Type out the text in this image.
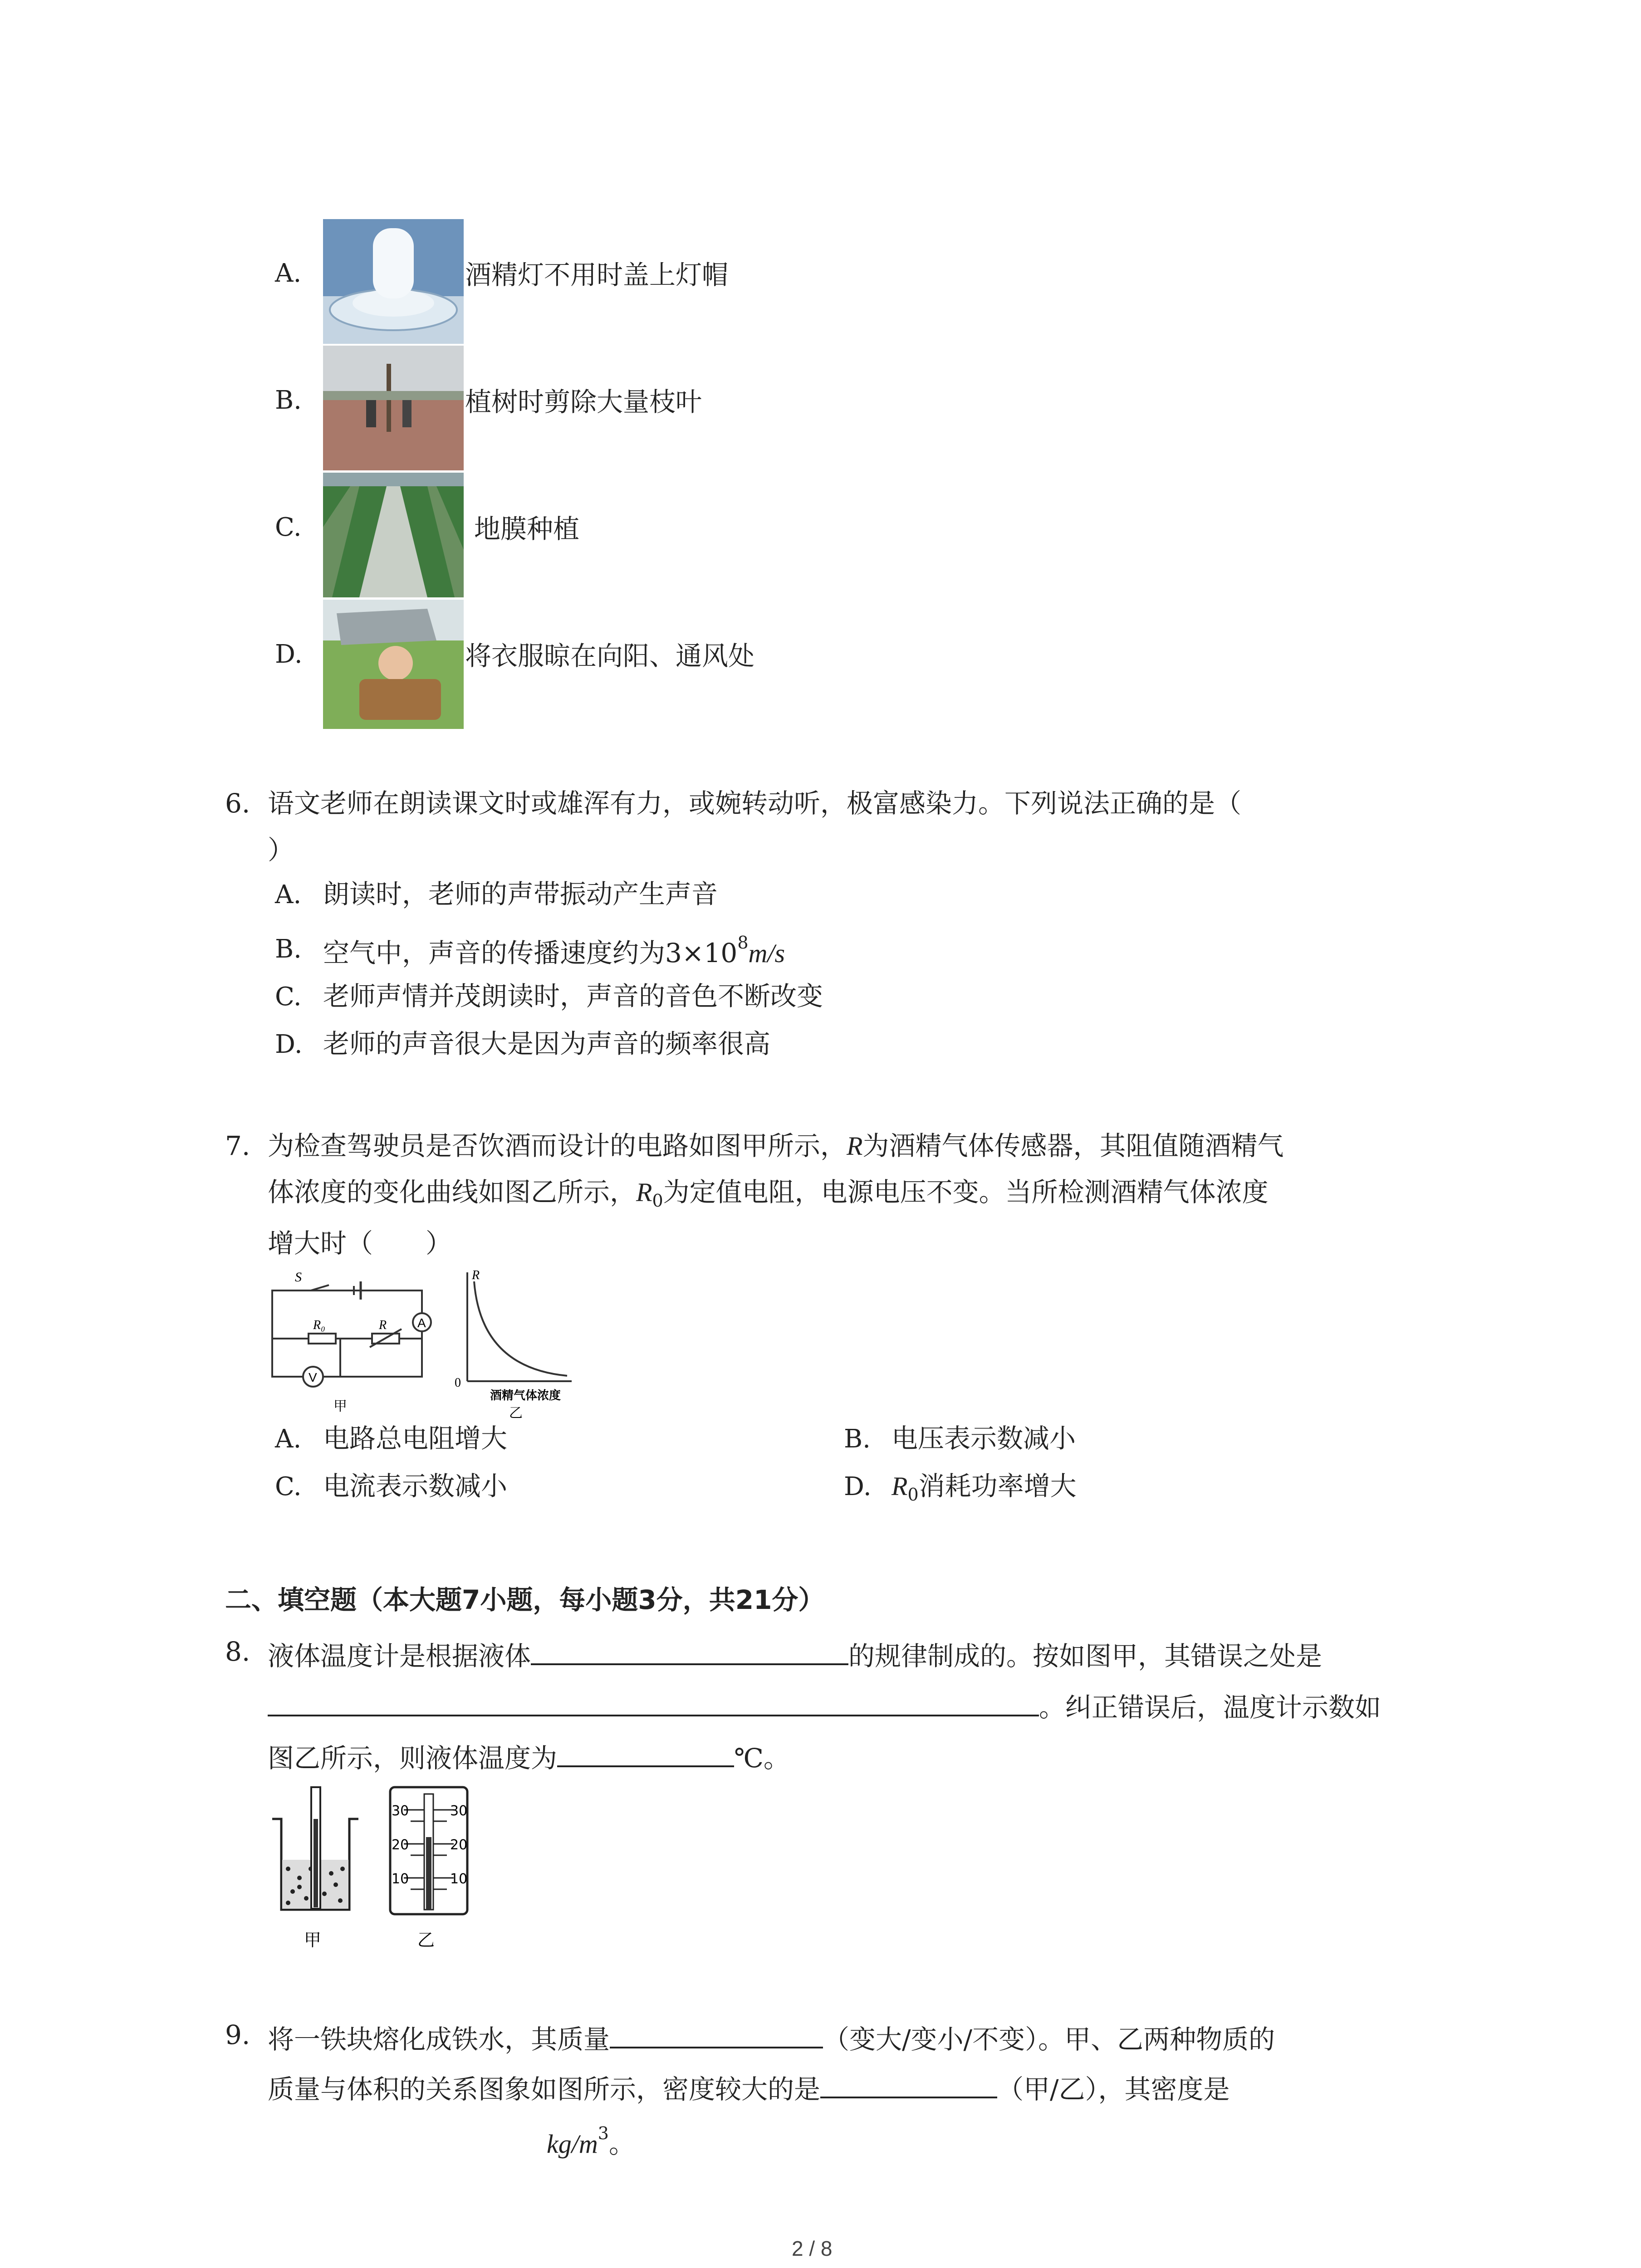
A.	酒精灯不用时盖上灯帽
B.	植树时剪除大量枝叶
C.	地膜种植
D.	将衣服晾在向阳、通风处
6. 语文老师在朗读课文时或雄浑有力，或婉转动听，极富感染力。下列说法正确的是（
）
A. 朗读时，老师的声带振动产生声音
B. 空气中，声音的传播速度约为$3\times 10^8m/s$
C. 老师声情并茂朗读时，声音的音色不断改变
D. 老师的声音很大是因为声音的频率很高
7. 为检查驾驶员是否饮酒而设计的电路如图甲所示，R为酒精气体传感器，其阻值随酒精气
体浓度的变化曲线如图乙所示，$R_0$为定值电阻，电源电压不变。当所检测酒精气体浓度
增大时（　　）
S
R₀	R A
V
甲
R
0
酒精气体浓度
乙
A. 电路总电阻增大	B. 电压表示数减小
C. 电流表示数减小	D. $R_0$消耗功率增大
二、填空题（本大题7小题，每小题3分，共21分）
8. 液体温度计是根据液体	的规律制成的。按如图甲，其错误之处是
。纠正错误后，温度计示数如
图乙所示，则液体温度为	℃。
甲
30	30
20	20
10	10
乙
9. 将一铁块熔化成铁水，其质量	（变大/变小/不变）。甲、乙两种物质的
质量与体积的关系图象如图所示，密度较大的是	（甲/乙），其密度是
$kg/m^3$。
2 / 8
